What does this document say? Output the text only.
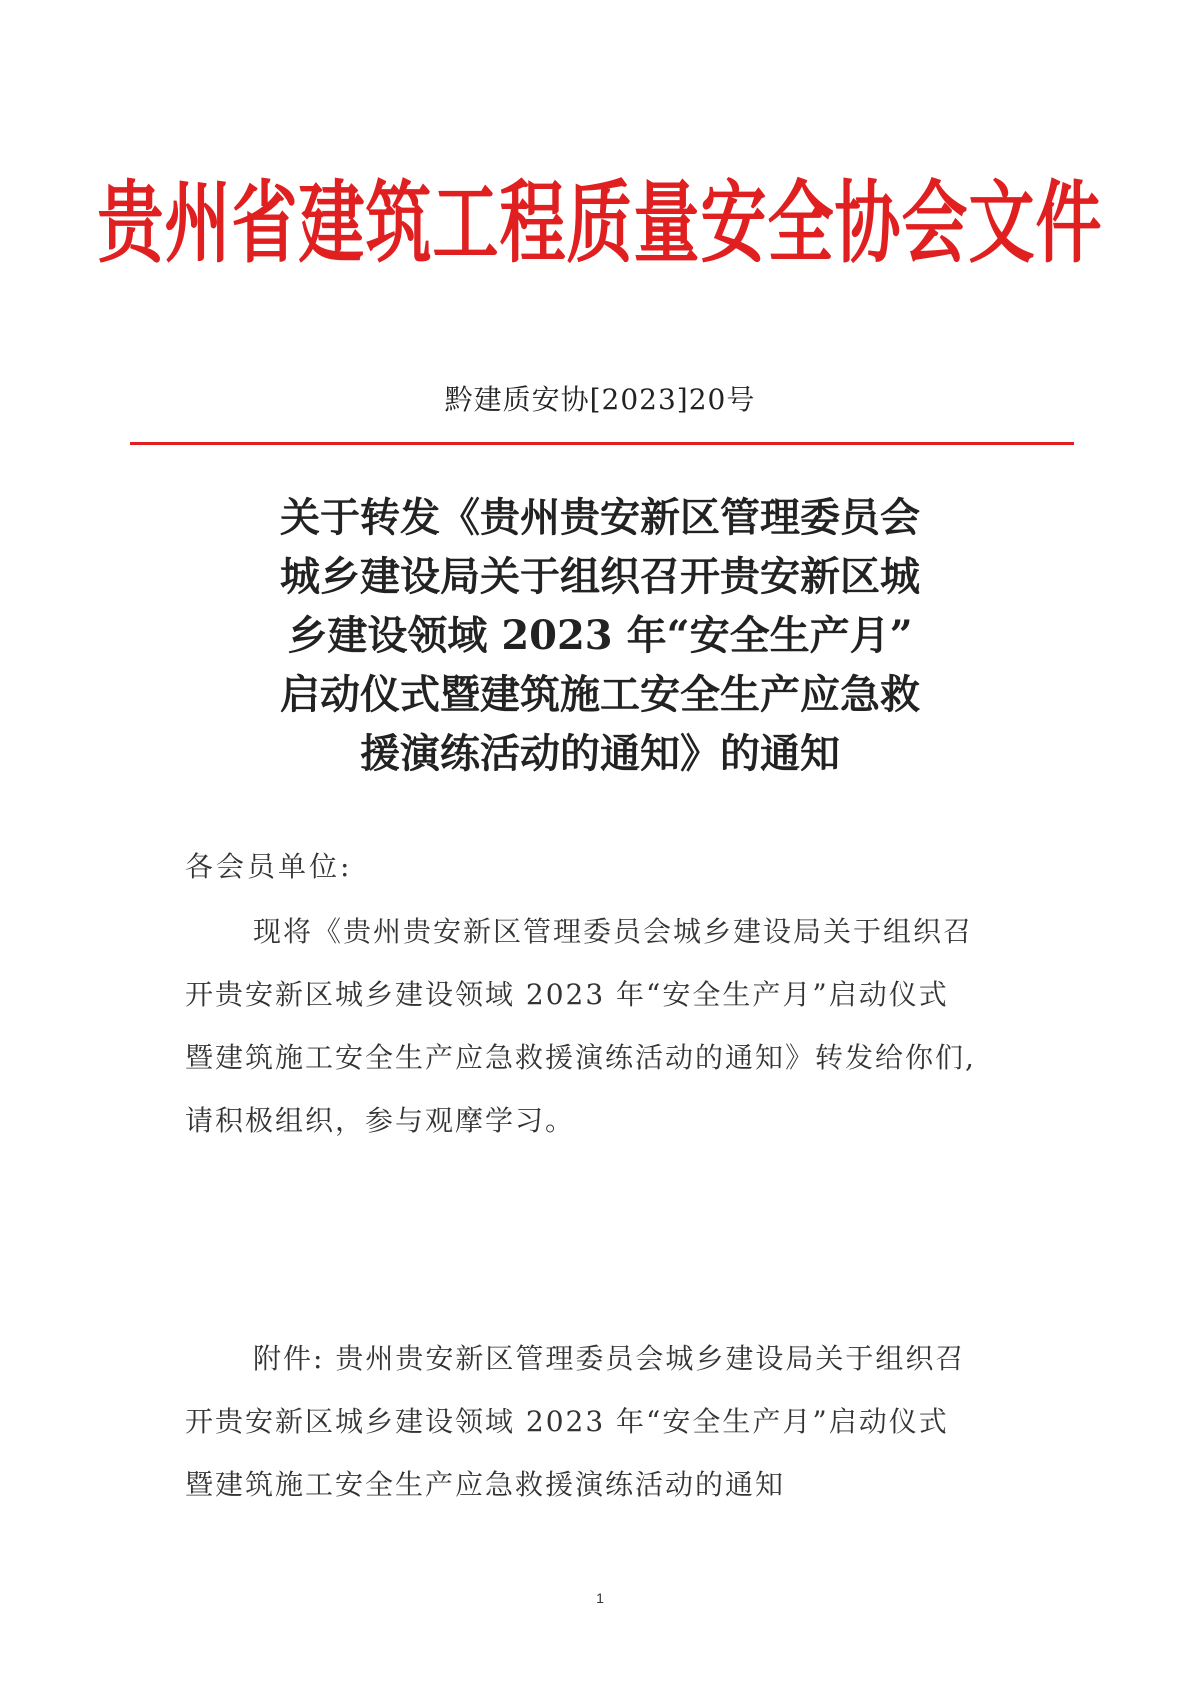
贵州省建筑工程质量安全协会文件
黔建质安协[2023]20号
关于转发《贵州贵安新区管理委员会
城乡建设局关于组织召开贵安新区城
乡建设领域 2023 年“安全生产月”
启动仪式暨建筑施工安全生产应急救
援演练活动的通知》的通知
各会员单位:
现将《贵州贵安新区管理委员会城乡建设局关于组织召
开贵安新区城乡建设领域 2023 年“安全生产月”启动仪式
暨建筑施工安全生产应急救援演练活动的通知》转发给你们,
请积极组织，参与观摩学习。
附件: 贵州贵安新区管理委员会城乡建设局关于组织召
开贵安新区城乡建设领域 2023 年“安全生产月”启动仪式
暨建筑施工安全生产应急救援演练活动的通知
1
